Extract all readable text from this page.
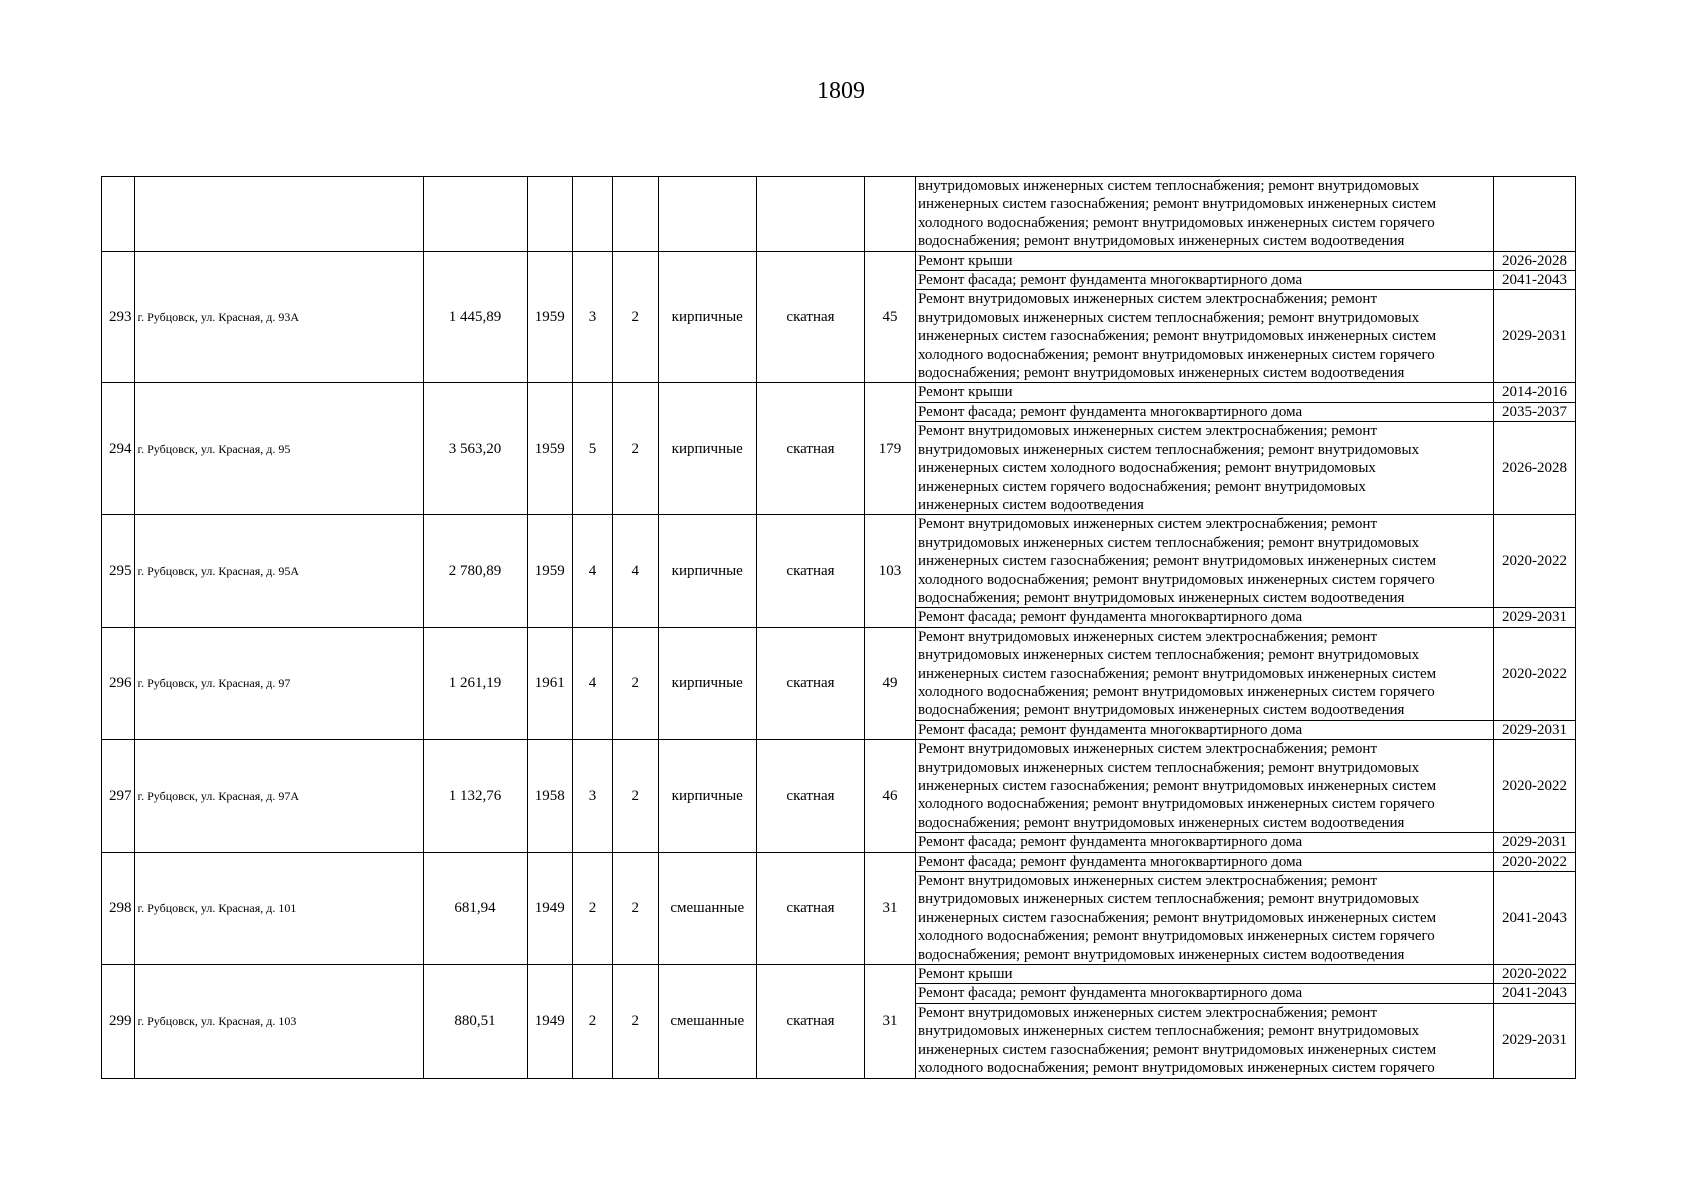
1809
									внутридомовых инженерных систем теплоснабжения; ремонт внутридомовых
инженерных систем газоснабжения; ремонт внутридомовых инженерных систем
холодного водоснабжения; ремонт внутридомовых инженерных систем горячего
водоснабжения; ремонт внутридомовых инженерных систем водоотведения	
293	г. Рубцовск, ул. Красная, д. 93А	1 445,89	1959	3	2	кирпичные	скатная	45	Ремонт крыши	2026-2028
									Ремонт фасада; ремонт фундамента многоквартирного дома	2041-2043
									Ремонт внутридомовых инженерных систем электроснабжения; ремонт
внутридомовых инженерных систем теплоснабжения; ремонт внутридомовых
инженерных систем газоснабжения; ремонт внутридомовых инженерных систем
холодного водоснабжения; ремонт внутридомовых инженерных систем горячего
водоснабжения; ремонт внутридомовых инженерных систем водоотведения	2029-2031
294	г. Рубцовск, ул. Красная, д. 95	3 563,20	1959	5	2	кирпичные	скатная	179	Ремонт крыши	2014-2016
									Ремонт фасада; ремонт фундамента многоквартирного дома	2035-2037
									Ремонт внутридомовых инженерных систем электроснабжения; ремонт
внутридомовых инженерных систем теплоснабжения; ремонт внутридомовых
инженерных систем холодного водоснабжения; ремонт внутридомовых
инженерных систем горячего водоснабжения; ремонт внутридомовых
инженерных систем водоотведения	2026-2028
295	г. Рубцовск, ул. Красная, д. 95А	2 780,89	1959	4	4	кирпичные	скатная	103	Ремонт внутридомовых инженерных систем электроснабжения; ремонт
внутридомовых инженерных систем теплоснабжения; ремонт внутридомовых
инженерных систем газоснабжения; ремонт внутридомовых инженерных систем
холодного водоснабжения; ремонт внутридомовых инженерных систем горячего
водоснабжения; ремонт внутридомовых инженерных систем водоотведения	2020-2022
									Ремонт фасада; ремонт фундамента многоквартирного дома	2029-2031
296	г. Рубцовск, ул. Красная, д. 97	1 261,19	1961	4	2	кирпичные	скатная	49	Ремонт внутридомовых инженерных систем электроснабжения; ремонт
внутридомовых инженерных систем теплоснабжения; ремонт внутридомовых
инженерных систем газоснабжения; ремонт внутридомовых инженерных систем
холодного водоснабжения; ремонт внутридомовых инженерных систем горячего
водоснабжения; ремонт внутридомовых инженерных систем водоотведения	2020-2022
									Ремонт фасада; ремонт фундамента многоквартирного дома	2029-2031
297	г. Рубцовск, ул. Красная, д. 97А	1 132,76	1958	3	2	кирпичные	скатная	46	Ремонт внутридомовых инженерных систем электроснабжения; ремонт
внутридомовых инженерных систем теплоснабжения; ремонт внутридомовых
инженерных систем газоснабжения; ремонт внутридомовых инженерных систем
холодного водоснабжения; ремонт внутридомовых инженерных систем горячего
водоснабжения; ремонт внутридомовых инженерных систем водоотведения	2020-2022
									Ремонт фасада; ремонт фундамента многоквартирного дома	2029-2031
298	г. Рубцовск, ул. Красная, д. 101	681,94	1949	2	2	смешанные	скатная	31	Ремонт фасада; ремонт фундамента многоквартирного дома	2020-2022
									Ремонт внутридомовых инженерных систем электроснабжения; ремонт
внутридомовых инженерных систем теплоснабжения; ремонт внутридомовых
инженерных систем газоснабжения; ремонт внутридомовых инженерных систем
холодного водоснабжения; ремонт внутридомовых инженерных систем горячего
водоснабжения; ремонт внутридомовых инженерных систем водоотведения	2041-2043
299	г. Рубцовск, ул. Красная, д. 103	880,51	1949	2	2	смешанные	скатная	31	Ремонт крыши	2020-2022
									Ремонт фасада; ремонт фундамента многоквартирного дома	2041-2043
									Ремонт внутридомовых инженерных систем электроснабжения; ремонт
внутридомовых инженерных систем теплоснабжения; ремонт внутридомовых
инженерных систем газоснабжения; ремонт внутридомовых инженерных систем
холодного водоснабжения; ремонт внутридомовых инженерных систем горячего	2029-2031
